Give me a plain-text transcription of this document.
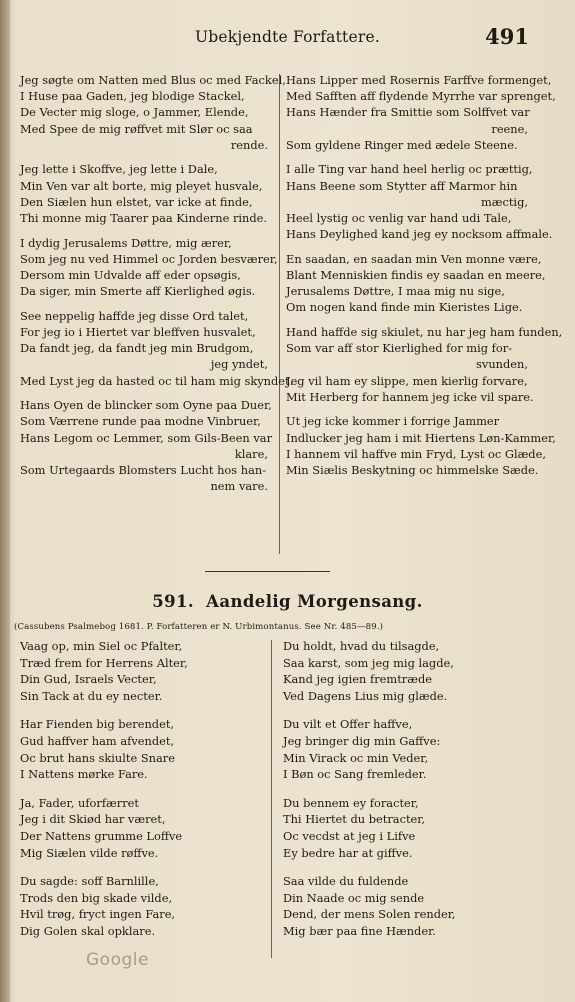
Ubekjendte Forfattere.	491
Jeg søgte om Natten med Blus oc med Fackel,
I Huse paa Gaden, jeg blodige Stackel,
De Vecter mig sloge, o Jammer, Elende,
Med Spee de mig røffvet mit Slør oc saa
rende.
Jeg lette i Skoffve, jeg lette i Dale,
Min Ven var alt borte, mig pleyet husvale,
Den Siælen hun elstet, var icke at finde,
Thi monne mig Taarer paa Kinderne rinde.
I dydig Jerusalems Døttre, mig ærer,
Som jeg nu ved Himmel oc Jorden besværer,
Dersom min Udvalde aff eder opsøgis,
Da siger, min Smerte aff Kierlighed øgis.
See neppelig haffde jeg disse Ord talet,
For jeg io i Hiertet var bleffven husvalet,
Da fandt jeg, da fandt jeg min Brudgom,
jeg yndet,
Med Lyst jeg da hasted oc til ham mig skyndet.
Hans Oyen de blincker som Oyne paa Duer,
Som Værrene runde paa modne Vinbruer,
Hans Legom oc Lemmer, som Gils-Been var
klare,
Som Urtegaards Blomsters Lucht hos han-
nem vare.
Hans Lipper med Rosernis Farffve formenget,
Med Safften aff flydende Myrrhe var sprenget,
Hans Hænder fra Smittie som Solffvet var
reene,
Som gyldene Ringer med ædele Steene.
I alle Ting var hand heel herlig oc prættig,
Hans Beene som Stytter aff Marmor hin
mæctig,
Heel lystig oc venlig var hand udi Tale,
Hans Deylighed kand jeg ey nocksom affmale.
En saadan, en saadan min Ven monne være,
Blant Menniskien findis ey saadan en meere,
Jerusalems Døttre, I maa mig nu sige,
Om nogen kand finde min Kieristes Lige.
Hand haffde sig skiulet, nu har jeg ham funden,
Som var aff stor Kierlighed for mig for-
svunden,
Jeg vil ham ey slippe, men kierlig forvare,
Mit Herberg for hannem jeg icke vil spare.
Ut jeg icke kommer i forrige Jammer
Indlucker jeg ham i mit Hiertens Løn-Kammer,
I hannem vil haffve min Fryd, Lyst oc Glæde,
Min Siælis Beskytning oc himmelske Sæde.
591. Aandelig Morgensang.
(Cassubens Psalmebog 1681. P. Forfatteren er N. Urbimontanus. See Nr. 485—89.)
Vaag op, min Siel oc Pfalter,
Træd frem for Herrens Alter,
Din Gud, Israels Vecter,
Sin Tack at du ey necter.
Har Fienden big berendet,
Gud haffver ham afvendet,
Oc brut hans skiulte Snare
I Nattens mørke Fare.
Ja, Fader, uforfærret
Jeg i dit Skiød har været,
Der Nattens grumme Loffve
Mig Siælen vilde røffve.
Du sagde: soff Barnlille,
Trods den big skade vilde,
Hvil trøg, fryct ingen Fare,
Dig Golen skal opklare.
Du holdt, hvad du tilsagde,
Saa karst, som jeg mig lagde,
Kand jeg igien fremtræde
Ved Dagens Lius mig glæde.
Du vilt et Offer haffve,
Jeg bringer dig min Gaffve:
Min Virack oc min Veder,
I Bøn oc Sang fremleder.
Du bennem ey foracter,
Thi Hiertet du betracter,
Oc vecdst at jeg i Lifve
Ey bedre har at giffve.
Saa vilde du fuldende
Din Naade oc mig sende
Dend, der mens Solen render,
Mig bær paa fine Hænder.
Google
